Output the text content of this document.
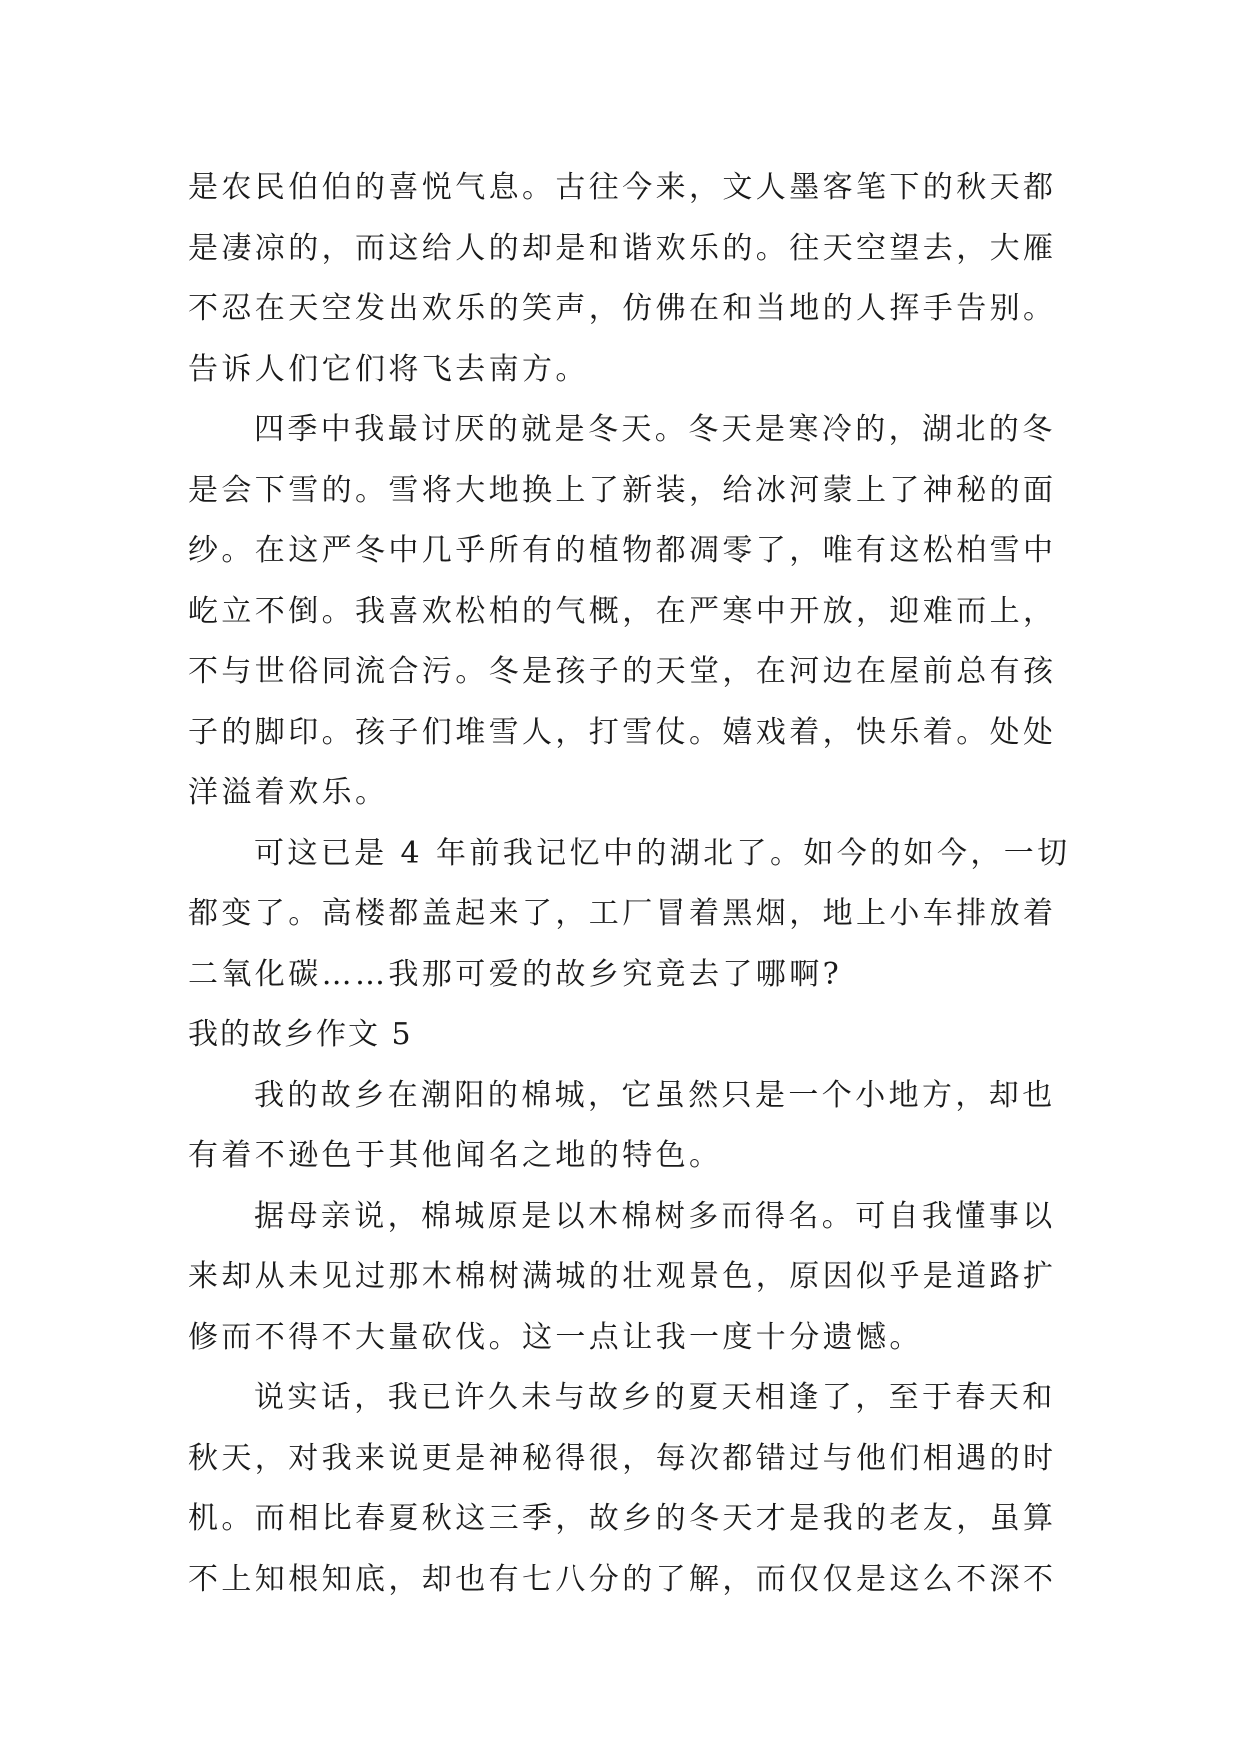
是农民伯伯的喜悦气息。古往今来，文人墨客笔下的秋天都
是凄凉的，而这给人的却是和谐欢乐的。往天空望去，大雁
不忍在天空发出欢乐的笑声，仿佛在和当地的人挥手告别。
告诉人们它们将飞去南方。
四季中我最讨厌的就是冬天。冬天是寒冷的，湖北的冬
是会下雪的。雪将大地换上了新装，给冰河蒙上了神秘的面
纱。在这严冬中几乎所有的植物都凋零了，唯有这松柏雪中
屹立不倒。我喜欢松柏的气概，在严寒中开放，迎难而上，
不与世俗同流合污。冬是孩子的天堂，在河边在屋前总有孩
子的脚印。孩子们堆雪人，打雪仗。嬉戏着，快乐着。处处
洋溢着欢乐。
可这已是 4 年前我记忆中的湖北了。如今的如今，一切
都变了。高楼都盖起来了，工厂冒着黑烟，地上小车排放着
二氧化碳……我那可爱的故乡究竟去了哪啊?
我的故乡作文 5
我的故乡在潮阳的棉城，它虽然只是一个小地方，却也
有着不逊色于其他闻名之地的特色。
据母亲说，棉城原是以木棉树多而得名。可自我懂事以
来却从未见过那木棉树满城的壮观景色，原因似乎是道路扩
修而不得不大量砍伐。这一点让我一度十分遗憾。
说实话，我已许久未与故乡的夏天相逢了，至于春天和
秋天，对我来说更是神秘得很，每次都错过与他们相遇的时
机。而相比春夏秋这三季，故乡的冬天才是我的老友，虽算
不上知根知底，却也有七八分的了解，而仅仅是这么不深不
